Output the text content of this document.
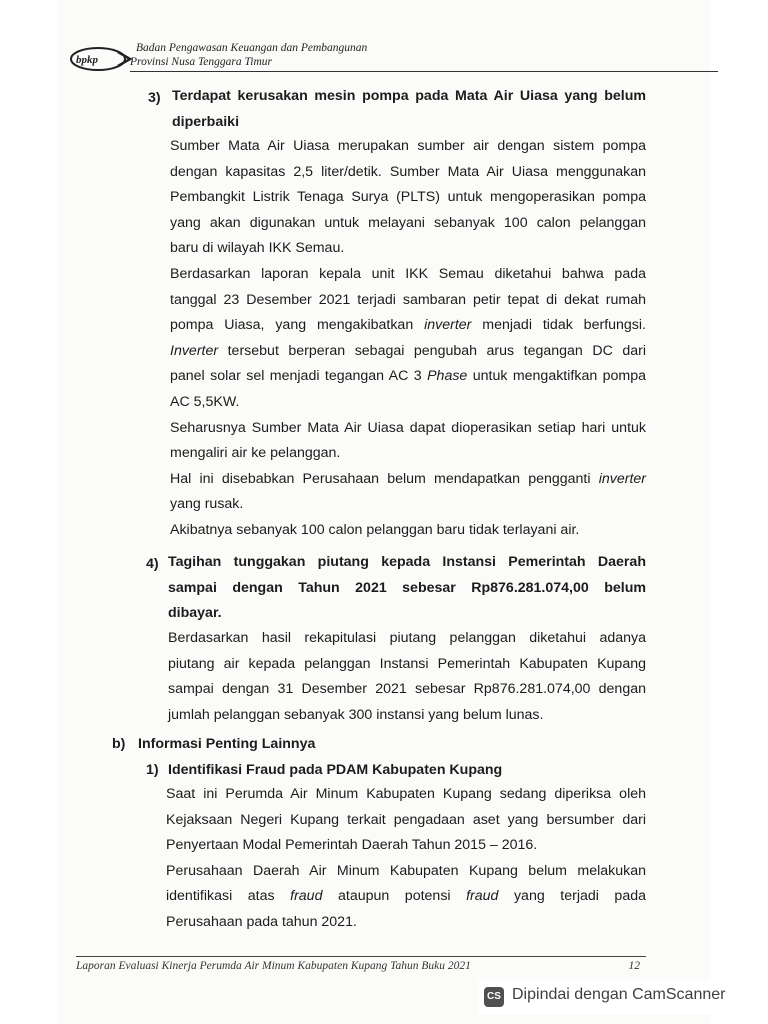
bpkp
Badan Pengawasan Keuangan dan Pembangunan
Provinsi Nusa Tenggara Timur
3) Terdapat kerusakan mesin pompa pada Mata Air Uiasa yang belum
diperbaiki
Sumber Mata Air Uiasa merupakan sumber air dengan sistem pompa
dengan kapasitas 2,5 liter/detik. Sumber Mata Air Uiasa menggunakan
Pembangkit Listrik Tenaga Surya (PLTS) untuk mengoperasikan pompa
yang akan digunakan untuk melayani sebanyak 100 calon pelanggan
baru di wilayah IKK Semau.
Berdasarkan laporan kepala unit IKK Semau diketahui bahwa pada
tanggal 23 Desember 2021 terjadi sambaran petir tepat di dekat rumah
pompa Uiasa, yang mengakibatkan inverter menjadi tidak berfungsi.
Inverter tersebut berperan sebagai pengubah arus tegangan DC dari
panel solar sel menjadi tegangan AC 3 Phase untuk mengaktifkan pompa
AC 5,5KW.
Seharusnya Sumber Mata Air Uiasa dapat dioperasikan setiap hari untuk
mengaliri air ke pelanggan.
Hal ini disebabkan Perusahaan belum mendapatkan pengganti inverter
yang rusak.
Akibatnya sebanyak 100 calon pelanggan baru tidak terlayani air.
4) Tagihan tunggakan piutang kepada Instansi Pemerintah Daerah
sampai dengan Tahun 2021 sebesar Rp876.281.074,00 belum
dibayar.
Berdasarkan hasil rekapitulasi piutang pelanggan diketahui adanya
piutang air kepada pelanggan Instansi Pemerintah Kabupaten Kupang
sampai dengan 31 Desember 2021 sebesar Rp876.281.074,00 dengan
jumlah pelanggan sebanyak 300 instansi yang belum lunas.
b) Informasi Penting Lainnya
1) Identifikasi Fraud pada PDAM Kabupaten Kupang
Saat ini Perumda Air Minum Kabupaten Kupang sedang diperiksa oleh
Kejaksaan Negeri Kupang terkait pengadaan aset yang bersumber dari
Penyertaan Modal Pemerintah Daerah Tahun 2015 – 2016.
Perusahaan Daerah Air Minum Kabupaten Kupang belum melakukan
identifikasi atas fraud ataupun potensi fraud yang terjadi pada
Perusahaan pada tahun 2021.
Laporan Evaluasi Kinerja Perumda Air Minum Kabupaten Kupang Tahun Buku 2021	12
CS Dipindai dengan CamScanner
